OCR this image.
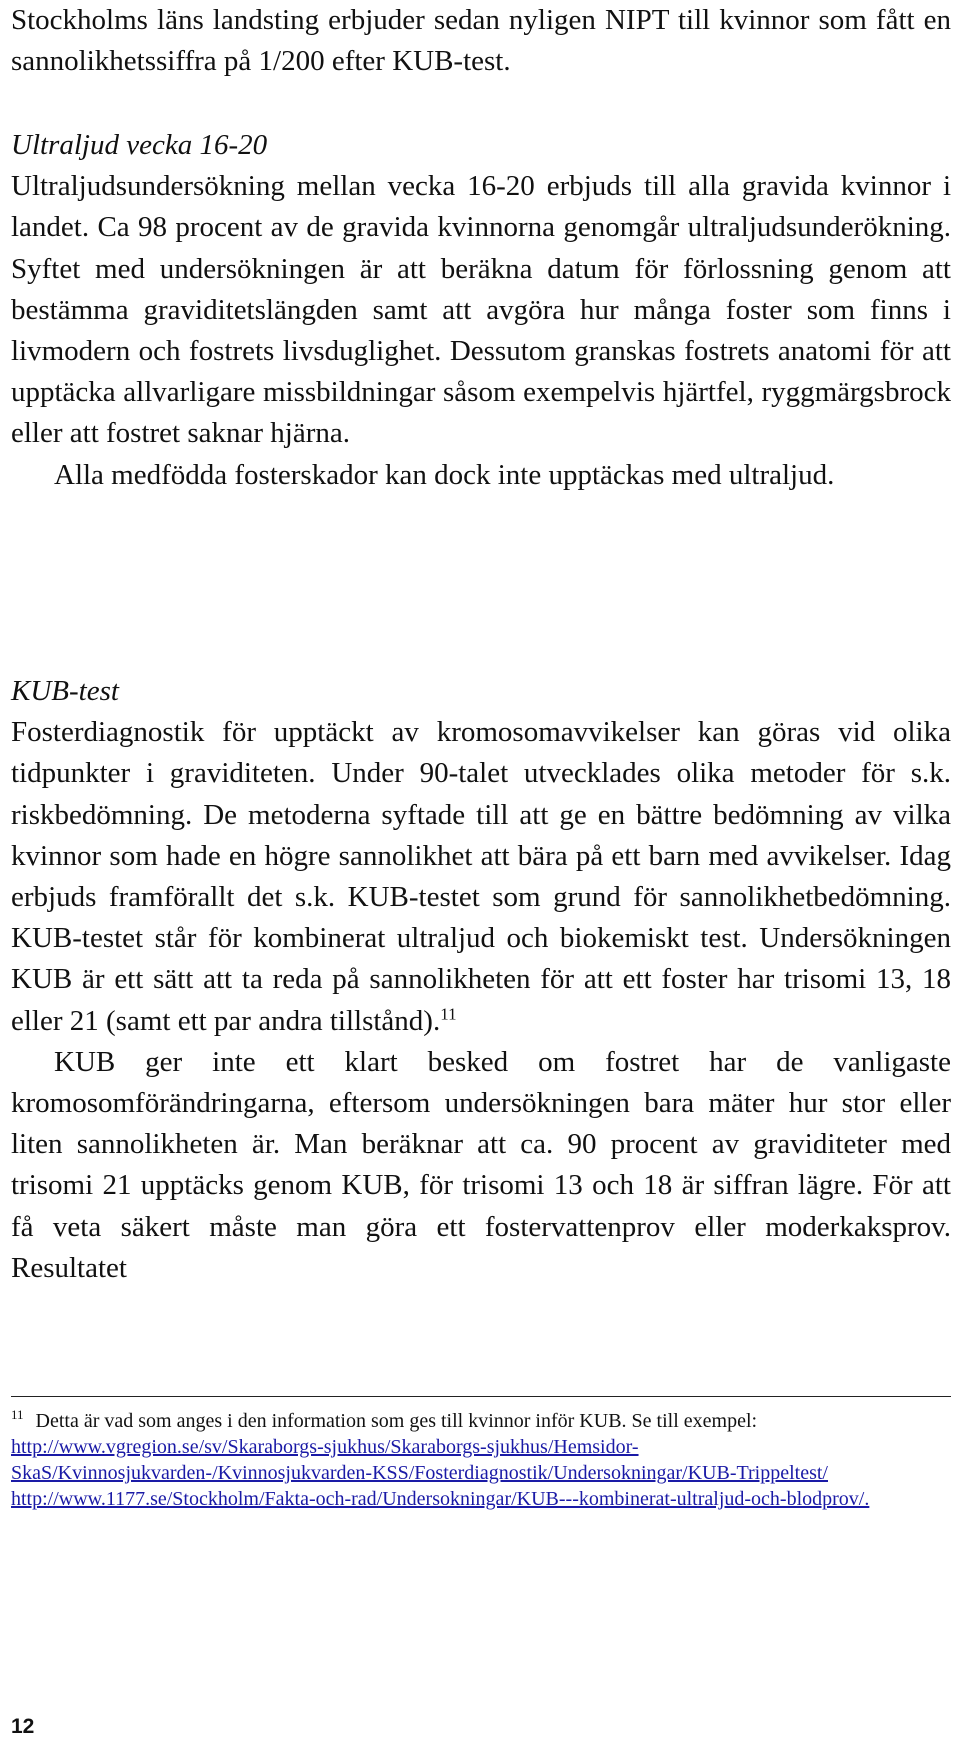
Stockholms läns landsting erbjuder sedan nyligen NIPT till kvinnor som fått en sannolikhetssiffra på 1/200 efter KUB-test.

Ultraljud vecka 16-20

Ultraljudsundersökning mellan vecka 16-20 erbjuds till alla gravida kvinnor i landet. Ca 98 procent av de gravida kvinnorna genomgår ultraljudsunderökning. Syftet med undersökningen är att beräkna datum för förlossning genom att bestämma graviditetslängden samt att avgöra hur många foster som finns i livmodern och fostrets livsduglighet. Dessutom granskas fostrets anatomi för att upptäcka allvarligare missbildningar såsom exempelvis hjärtfel, ryggmärgsbrock eller att fostret saknar hjärna.

Alla medfödda fosterskador kan dock inte upptäckas med ultraljud.

KUB-test

Fosterdiagnostik för upptäckt av kromosomavvikelser kan göras vid olika tidpunkter i graviditeten. Under 90-talet utvecklades olika metoder för s.k. riskbedömning. De metoderna syftade till att ge en bättre bedömning av vilka kvinnor som hade en högre sannolikhet att bära på ett barn med avvikelser. Idag erbjuds framförallt det s.k. KUB-testet som grund för sannolikhetbedömning. KUB-testet står för kombinerat ultraljud och biokemiskt test. Undersökningen KUB är ett sätt att ta reda på sannolikheten för att ett foster har trisomi 13, 18 eller 21 (samt ett par andra tillstånd).$^{11}$

KUB ger inte ett klart besked om fostret har de vanligaste kromosomförändringarna, eftersom undersökningen bara mäter hur stor eller liten sannolikheten är. Man beräknar att ca. 90 procent av graviditeter med trisomi 21 upptäcks genom KUB, för trisomi 13 och 18 är siffran lägre. För att få veta säkert måste man göra ett fostervattenprov eller moderkaksprov. Resultatet

$^{11}$ Detta är vad som anges i den information som ges till kvinnor inför KUB. Se till exempel: http://www.vgregion.se/sv/Skaraborgs-sjukhus/Skaraborgs-sjukhus/Hemsidor-SkaS/Kvinnosjukvarden-/Kvinnosjukvarden-KSS/Fosterdiagnostik/Undersokningar/KUB-Trippeltest/ http://www.1177.se/Stockholm/Fakta-och-rad/Undersokningar/KUB---kombinerat-ultraljud-och-blodprov/.
12
